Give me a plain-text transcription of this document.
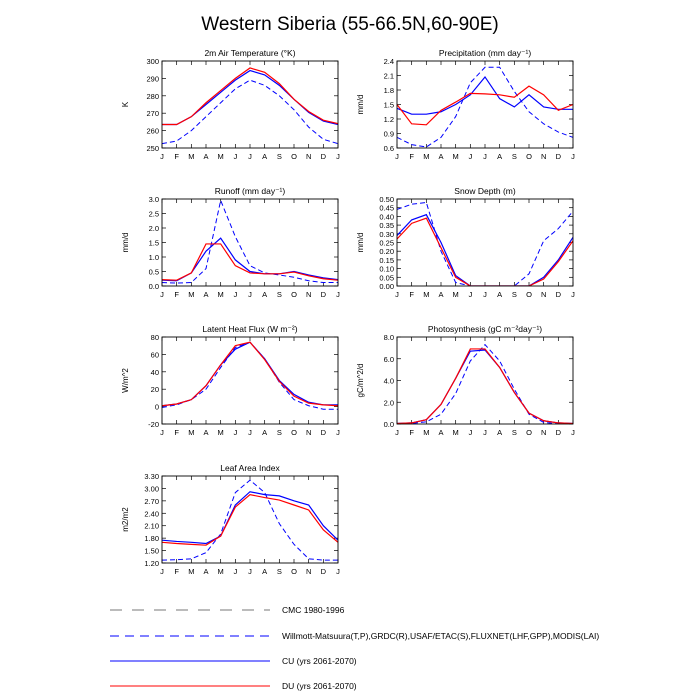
Western Siberia (55-66.5N,60-90E)
2m Air Temperature (°K)
K
250
260
270
280
290
300
J F M A M J J A S O N D J
Precipitation (mm day⁻¹)
mm/d
0.6
0.9
1.2
1.5
1.8
2.1
2.4
J F M A M J J A S O N D J
Runoff (mm day⁻¹)
mm/d
0.0
0.5
1.0
1.5
2.0
2.5
3.0
J F M A M J J A S O N D J
Snow Depth (m)
mm/d
0.00
0.05
0.10
0.15
0.20
0.25
0.30
0.35
0.40
0.45
0.50
J F M A M J J A S O N D J
Latent Heat Flux (W m⁻²)
W/m^2
-20
0
20
40
60
80
J F M A M J J A S O N D J
Photosynthesis (gC m⁻²day⁻¹)
gC/m^2/d
0.0
2.0
4.0
6.0
8.0
J F M A M J J A S O N D J
Leaf Area Index
m2/m2
1.20
1.50
1.80
2.10
2.40
2.70
3.00
3.30
J F M A M J J A S O N D J
CMC 1980-1996
Willmott-Matsuura(T,P),GRDC(R),USAF/ETAC(S),FLUXNET(LHF,GPP),MODIS(LAI)
CU (yrs 2061-2070)
DU (yrs 2061-2070)
